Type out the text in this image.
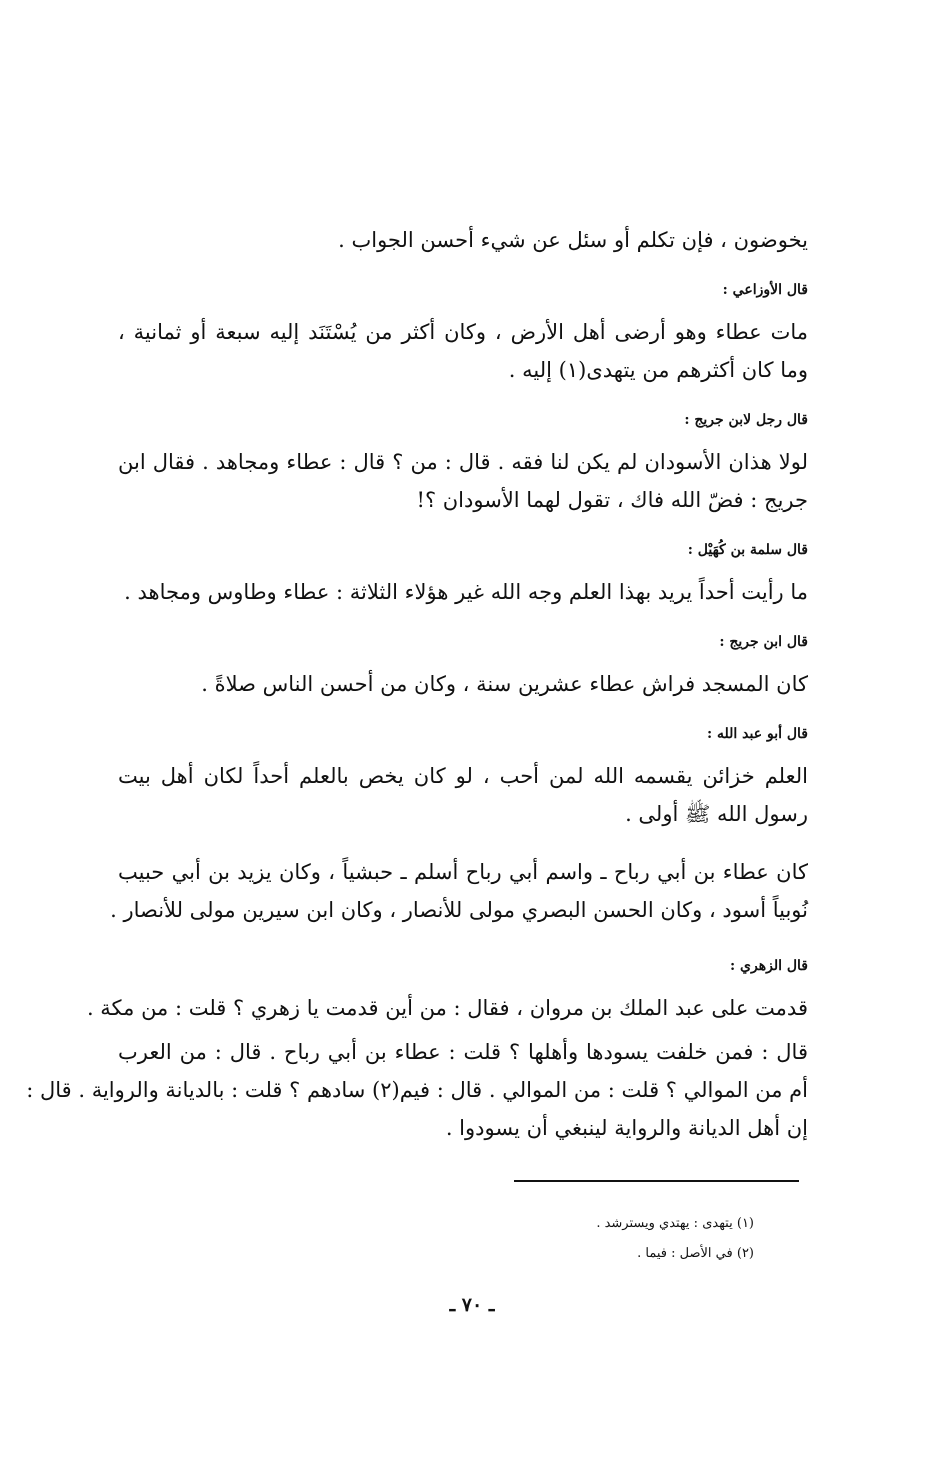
يخوضون ، فإن تكلم أو سئل عن شيء أحسن الجواب .
قال الأوزاعي :
مات عطاء وهو أرضى أهل الأرض ، وكان أكثر من يُسْتَنَد إليه سبعة أو ثمانية ،
وما كان أكثرهم من يتهدى(١) إليه .
قال رجل لابن جريج :
لولا هذان الأسودان لم يكن لنا فقه . قال : من ؟ قال : عطاء ومجاهد . فقال ابن
جريج : فضّ الله فاك ، تقول لهما الأسودان ؟!
قال سلمة بن كُهَيْل :
ما رأيت أحداً يريد بهذا العلم وجه الله غير هؤلاء الثلاثة : عطاء وطاوس ومجاهد .
قال ابن جريج :
كان المسجد فراش عطاء عشرين سنة ، وكان من أحسن الناس صلاةً .
قال أبو عبد الله :
العلم خزائن يقسمه الله لمن أحب ، لو كان يخص بالعلم أحداً لكان أهل بيت
رسول الله ﷺ أولى .
كان عطاء بن أبي رباح ـ واسم أبي رباح أسلم ـ حبشياً ، وكان يزيد بن أبي حبيب
نُوبياً أسود ، وكان الحسن البصري مولى للأنصار ، وكان ابن سيرين مولى للأنصار .
قال الزهري :
قدمت على عبد الملك بن مروان ، فقال : من أين قدمت يا زهري ؟ قلت : من مكة .
قال : فمن خلفت يسودها وأهلها ؟ قلت : عطاء بن أبي رباح . قال : من العرب
أم من الموالي ؟ قلت : من الموالي . قال : فيم(٢) سادهم ؟ قلت : بالديانة والرواية . قال :
إن أهل الديانة والرواية لينبغي أن يسودوا .
(١) يتهدى : يهتدي ويسترشد .
(٢) في الأصل : فيما .
ـ ٧٠ ـ
